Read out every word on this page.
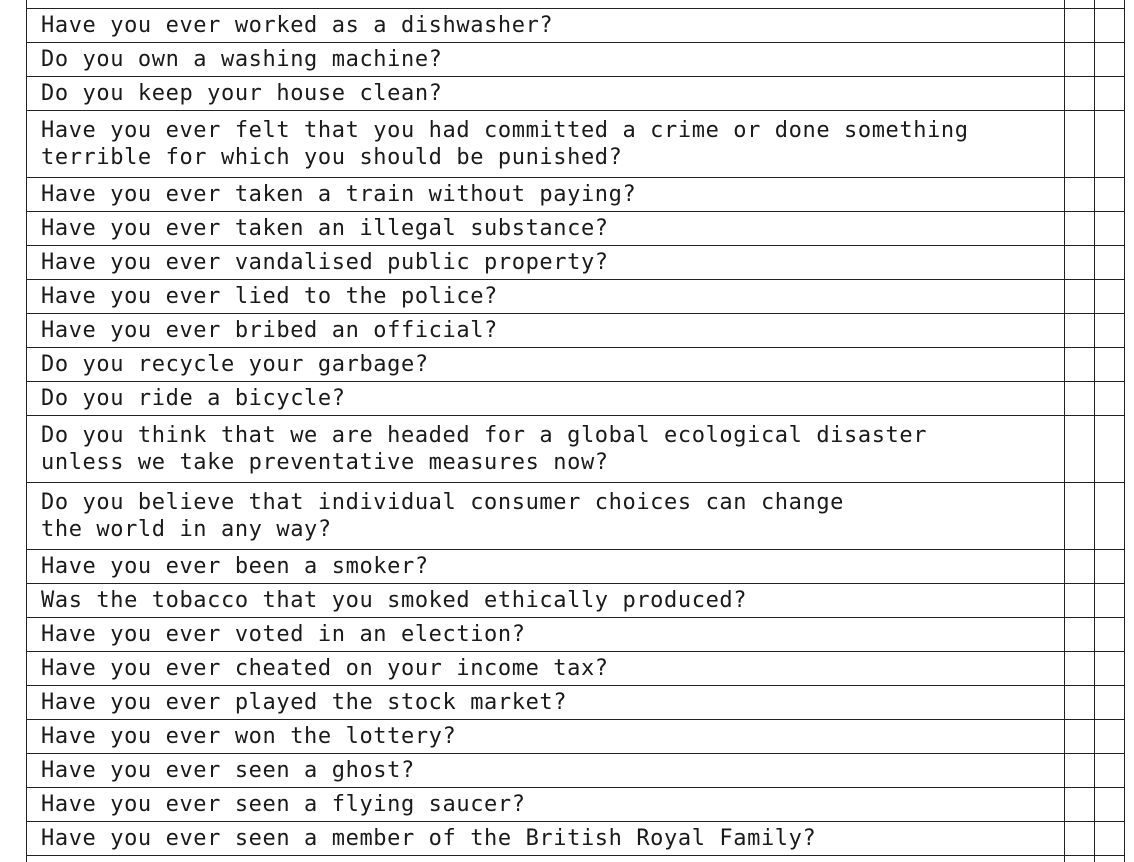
Have you ever worked as a dishwasher?		
Do you own a washing machine?		
Do you keep your house clean?		
Have you ever felt that you had committed a crime or done something
terrible for which you should be punished?		
Have you ever taken a train without paying?		
Have you ever taken an illegal substance?		
Have you ever vandalised public property?		
Have you ever lied to the police?		
Have you ever bribed an official?		
Do you recycle your garbage?		
Do you ride a bicycle?		
Do you think that we are headed for a global ecological disaster
unless we take preventative measures now?		
Do you believe that individual consumer choices can change
the world in any way?		
Have you ever been a smoker?		
Was the tobacco that you smoked ethically produced?		
Have you ever voted in an election?		
Have you ever cheated on your income tax?		
Have you ever played the stock market?		
Have you ever won the lottery?		
Have you ever seen a ghost?		
Have you ever seen a flying saucer?		
Have you ever seen a member of the British Royal Family?		
